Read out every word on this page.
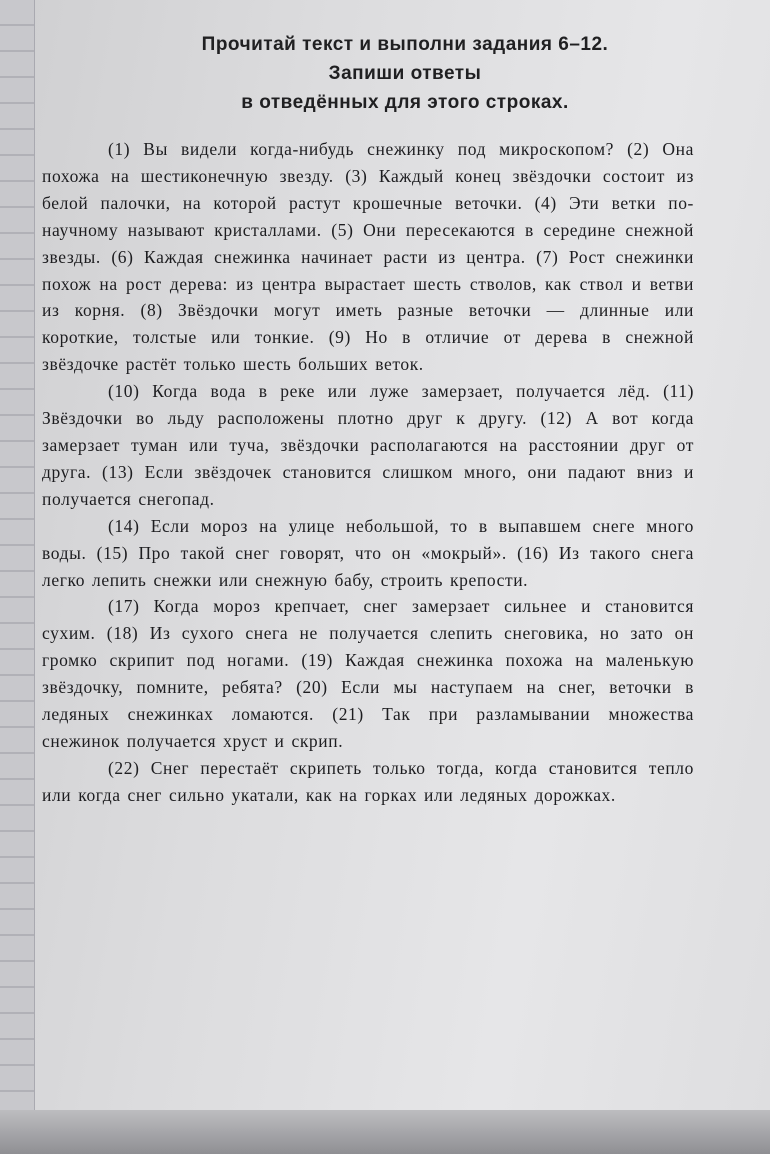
Прочитай текст и выполни задания 6–12.
Запиши ответы
в отведённых для этого строках.

(1) Вы видели когда-нибудь снежинку под микроскопом? (2) Она похожа на шестиконечную звезду. (3) Каждый конец звёздочки состоит из белой палочки, на которой растут крошечные веточки. (4) Эти ветки по-научному называют кристаллами. (5) Они пересекаются в середине снежной звезды. (6) Каждая снежинка начинает расти из центра. (7) Рост снежинки похож на рост дерева: из центра вырастает шесть стволов, как ствол и ветви из корня. (8) Звёздочки могут иметь разные веточки — длинные или короткие, толстые или тонкие. (9) Но в отличие от дерева в снежной звёздочке растёт только шесть больших веток.

(10) Когда вода в реке или луже замерзает, получается лёд. (11) Звёздочки во льду расположены плотно друг к другу. (12) А вот когда замерзает туман или туча, звёздочки располагаются на расстоянии друг от друга. (13) Если звёздочек становится слишком много, они падают вниз и получается снегопад.

(14) Если мороз на улице небольшой, то в выпавшем снеге много воды. (15) Про такой снег говорят, что он «мокрый». (16) Из такого снега легко лепить снежки или снежную бабу, строить крепости.

(17) Когда мороз крепчает, снег замерзает сильнее и становится сухим. (18) Из сухого снега не получается слепить снеговика, но зато он громко скрипит под ногами. (19) Каждая снежинка похожа на маленькую звёздочку, помните, ребята? (20) Если мы наступаем на снег, веточки в ледяных снежинках ломаются. (21) Так при разламывании множества снежинок получается хруст и скрип.

(22) Снег перестаёт скрипеть только тогда, когда становится тепло или когда снег сильно укатали, как на горках или ледяных дорожках.
